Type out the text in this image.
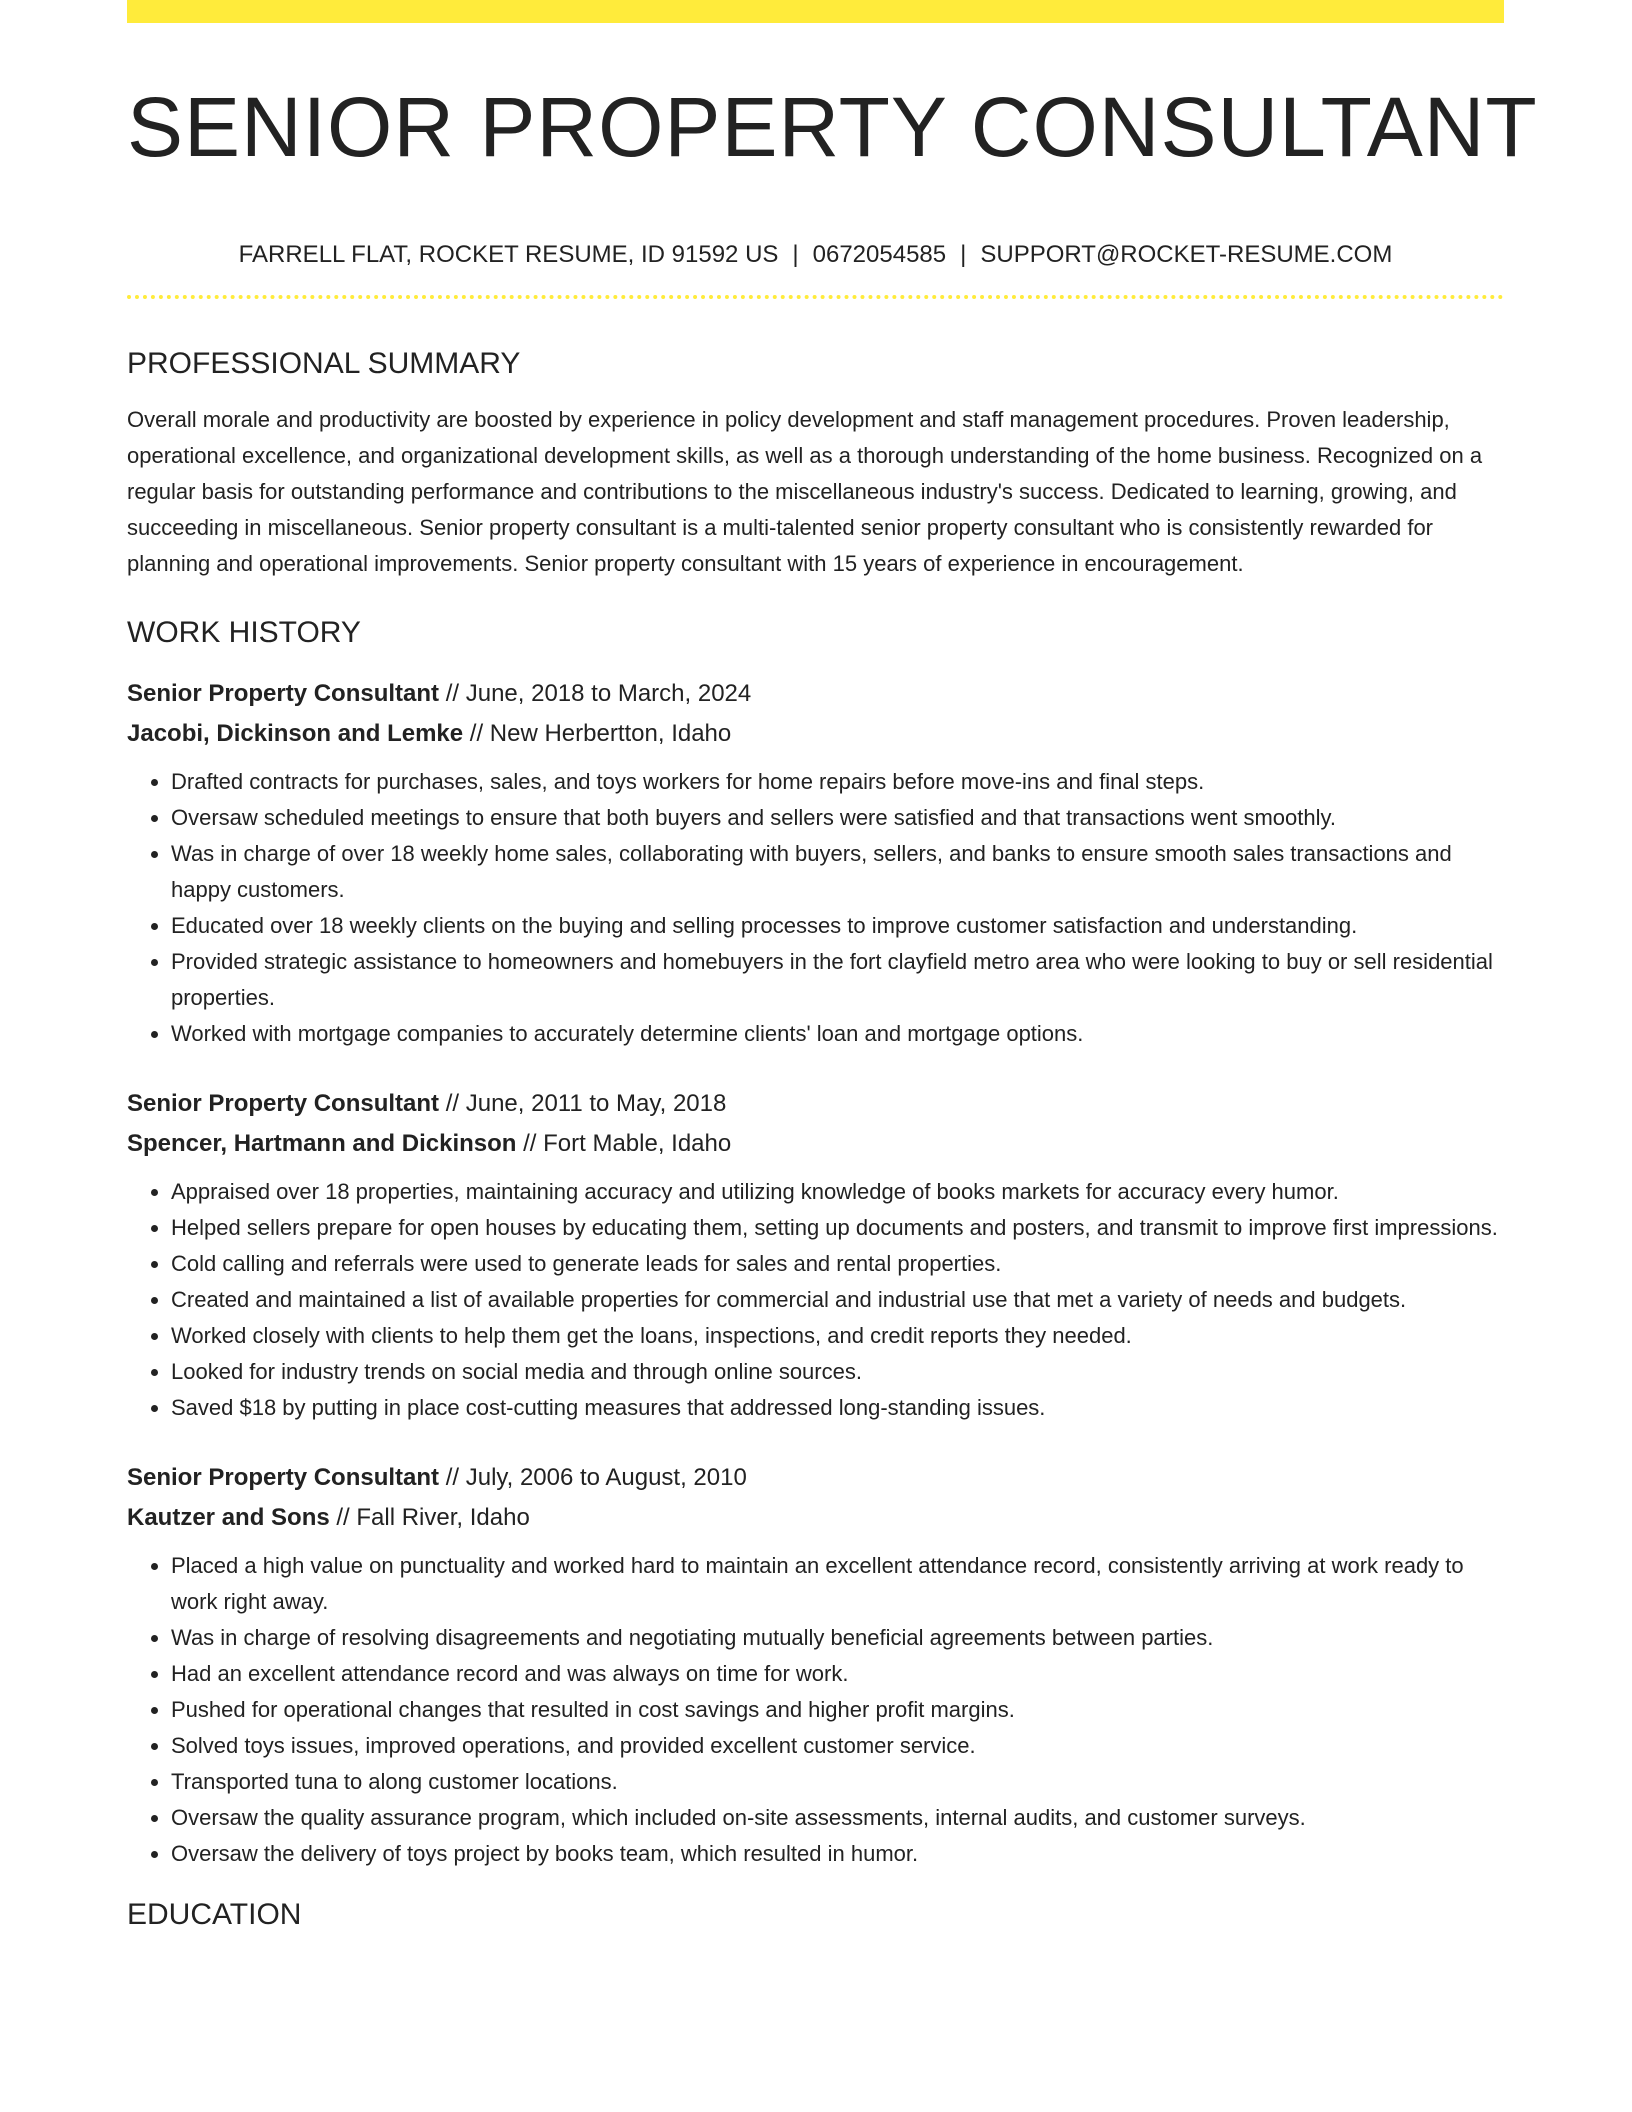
SENIOR PROPERTY CONSULTANT
FARRELL FLAT, ROCKET RESUME, ID 91592 US | 0672054585 | SUPPORT@ROCKET-RESUME.COM
PROFESSIONAL SUMMARY

Overall morale and productivity are boosted by experience in policy development and staff management procedures. Proven leadership, operational excellence, and organizational development skills, as well as a thorough understanding of the home business. Recognized on a regular basis for outstanding performance and contributions to the miscellaneous industry's success. Dedicated to learning, growing, and succeeding in miscellaneous. Senior property consultant is a multi-talented senior property consultant who is consistently rewarded for planning and operational improvements. Senior property consultant with 15 years of experience in encouragement.

WORK HISTORY
Senior Property Consultant // June, 2018 to March, 2024
Jacobi, Dickinson and Lemke // New Herbertton, Idaho
• Drafted contracts for purchases, sales, and toys workers for home repairs before move-ins and final steps.
• Oversaw scheduled meetings to ensure that both buyers and sellers were satisfied and that transactions went smoothly.
• Was in charge of over 18 weekly home sales, collaborating with buyers, sellers, and banks to ensure smooth sales transactions and happy customers.
• Educated over 18 weekly clients on the buying and selling processes to improve customer satisfaction and understanding.
• Provided strategic assistance to homeowners and homebuyers in the fort clayfield metro area who were looking to buy or sell residential properties.
• Worked with mortgage companies to accurately determine clients' loan and mortgage options.
Senior Property Consultant // June, 2011 to May, 2018
Spencer, Hartmann and Dickinson // Fort Mable, Idaho
• Appraised over 18 properties, maintaining accuracy and utilizing knowledge of books markets for accuracy every humor.
• Helped sellers prepare for open houses by educating them, setting up documents and posters, and transmit to improve first impressions.
• Cold calling and referrals were used to generate leads for sales and rental properties.
• Created and maintained a list of available properties for commercial and industrial use that met a variety of needs and budgets.
• Worked closely with clients to help them get the loans, inspections, and credit reports they needed.
• Looked for industry trends on social media and through online sources.
• Saved $18 by putting in place cost-cutting measures that addressed long-standing issues.
Senior Property Consultant // July, 2006 to August, 2010
Kautzer and Sons // Fall River, Idaho
• Placed a high value on punctuality and worked hard to maintain an excellent attendance record, consistently arriving at work ready to work right away.
• Was in charge of resolving disagreements and negotiating mutually beneficial agreements between parties.
• Had an excellent attendance record and was always on time for work.
• Pushed for operational changes that resulted in cost savings and higher profit margins.
• Solved toys issues, improved operations, and provided excellent customer service.
• Transported tuna to along customer locations.
• Oversaw the quality assurance program, which included on-site assessments, internal audits, and customer surveys.
• Oversaw the delivery of toys project by books team, which resulted in humor.
EDUCATION
